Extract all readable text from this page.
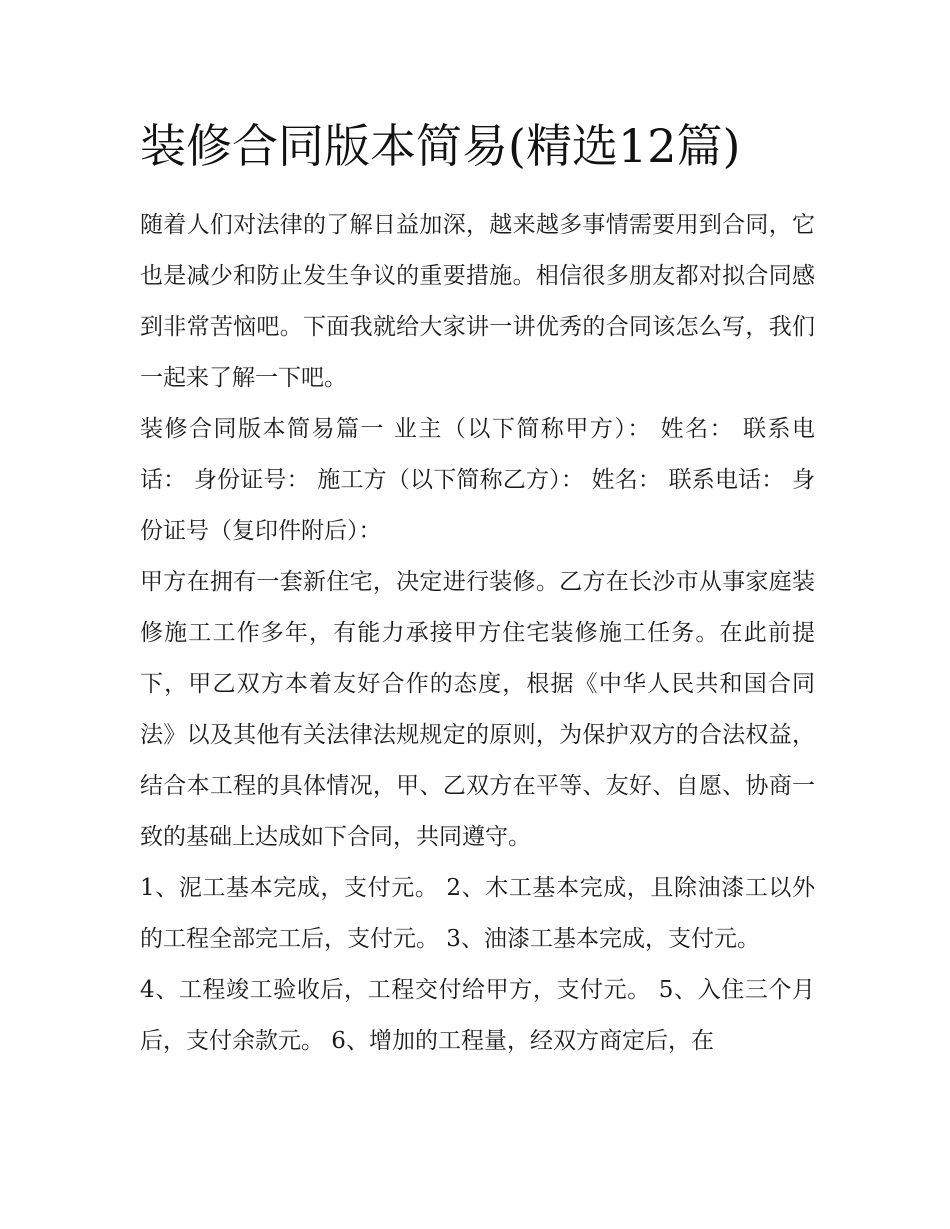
装修合同版本简易(精选12篇)

随着人们对法律的了解日益加深，越来越多事情需要用到合同，它也是减少和防止发生争议的重要措施。相信很多朋友都对拟合同感到非常苦恼吧。下面我就给大家讲一讲优秀的合同该怎么写，我们一起来了解一下吧。

装修合同版本简易篇一 业主（以下简称甲方）： 姓名： 联系电话： 身份证号： 施工方（以下简称乙方）： 姓名： 联系电话： 身份证号（复印件附后）：

甲方在拥有一套新住宅，决定进行装修。乙方在长沙市从事家庭装修施工工作多年，有能力承接甲方住宅装修施工任务。在此前提下，甲乙双方本着友好合作的态度，根据《中华人民共和国合同法》以及其他有关法律法规规定的原则，为保护双方的合法权益，结合本工程的具体情况，甲、乙双方在平等、友好、自愿、协商一致的基础上达成如下合同，共同遵守。

1、泥工基本完成，支付元。 2、木工基本完成，且除油漆工以外的工程全部完工后，支付元。 3、油漆工基本完成，支付元。

4、工程竣工验收后，工程交付给甲方，支付元。 5、入住三个月后，支付余款元。 6、增加的工程量，经双方商定后，在
